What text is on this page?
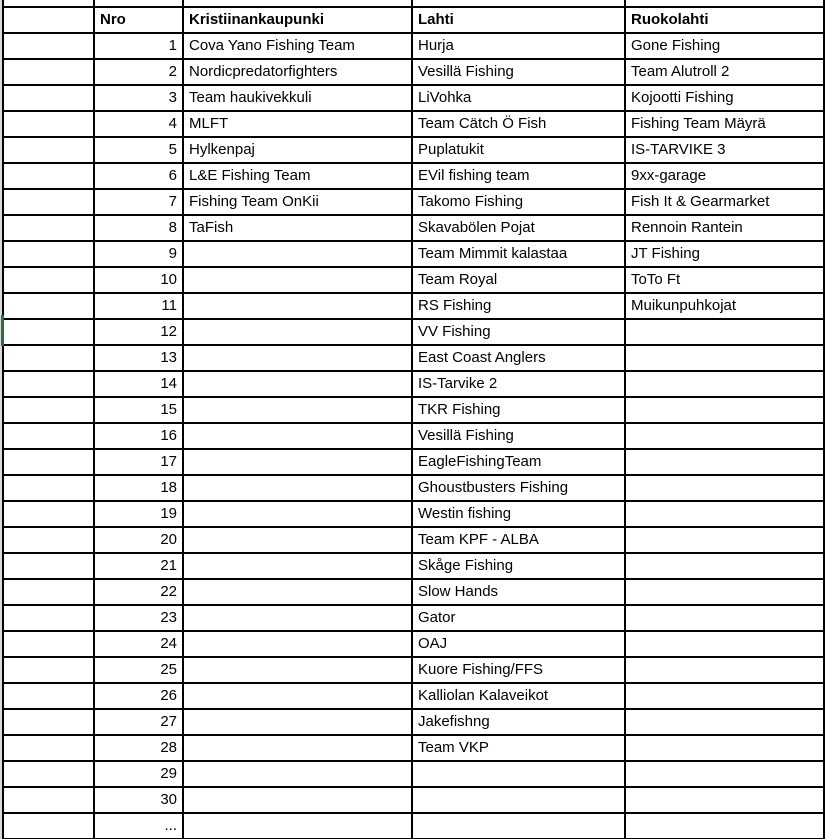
	Nro	Kristiinankaupunki	Lahti	Ruokolahti
	1	Cova Yano Fishing Team	Hurja	Gone Fishing
	2	Nordicpredatorfighters	Vesillä Fishing	Team Alutroll 2
	3	Team haukivekkuli	LiVohka	Kojootti Fishing
	4	MLFT	Team Cätch Ö Fish	Fishing Team Mäyrä
	5	Hylkenpaj	Puplatukit	IS-TARVIKE 3
	6	L&E Fishing Team	EVil fishing team	9xx-garage
	7	Fishing Team OnKii	Takomo Fishing	Fish It & Gearmarket
	8	TaFish	Skavabölen Pojat	Rennoin Rantein
	9		Team Mimmit kalastaa	JT Fishing
	10		Team Royal	ToTo Ft
	11		RS Fishing	Muikunpuhkojat
	12		VV Fishing	
	13		East Coast Anglers	
	14		IS-Tarvike 2	
	15		TKR Fishing	
	16		Vesillä Fishing	
	17		EagleFishingTeam	
	18		Ghoustbusters Fishing	
	19		Westin fishing	
	20		Team KPF - ALBA	
	21		Skåge Fishing	
	22		Slow Hands	
	23		Gator	
	24		OAJ	
	25		Kuore Fishing/FFS	
	26		Kalliolan Kalaveikot	
	27		Jakefishng	
	28		Team VKP	
	29			
	30			
	...			
